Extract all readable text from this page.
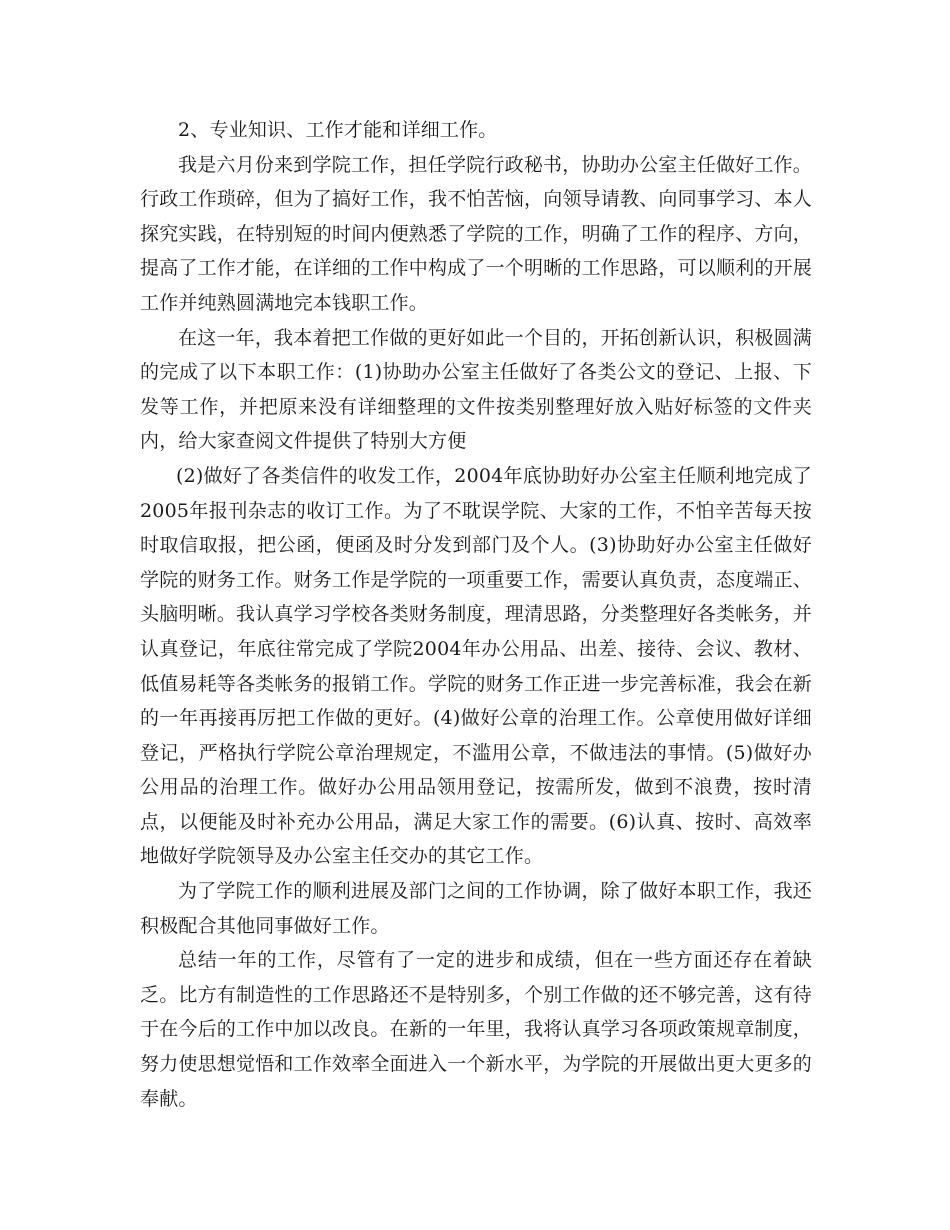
2、专业知识、工作才能和详细工作。

我是六月份来到学院工作，担任学院行政秘书，协助办公室主任做好工作。行政工作琐碎，但为了搞好工作，我不怕苦恼，向领导请教、向同事学习、本人探究实践，在特别短的时间内便熟悉了学院的工作，明确了工作的程序、方向，提高了工作才能，在详细的工作中构成了一个明晰的工作思路，可以顺利的开展工作并纯熟圆满地完本钱职工作。

在这一年，我本着把工作做的更好如此一个目的，开拓创新认识，积极圆满的完成了以下本职工作：(1)协助办公室主任做好了各类公文的登记、上报、下发等工作，并把原来没有详细整理的文件按类别整理好放入贴好标签的文件夹内，给大家查阅文件提供了特别大方便

(2)做好了各类信件的收发工作，2004年底协助好办公室主任顺利地完成了2005年报刊杂志的收订工作。为了不耽误学院、大家的工作，不怕辛苦每天按时取信取报，把公函，便函及时分发到部门及个人。(3)协助好办公室主任做好学院的财务工作。财务工作是学院的一项重要工作，需要认真负责，态度端正、头脑明晰。我认真学习学校各类财务制度，理清思路，分类整理好各类帐务，并认真登记，年底往常完成了学院2004年办公用品、出差、接待、会议、教材、低值易耗等各类帐务的报销工作。学院的财务工作正进一步完善标准，我会在新的一年再接再厉把工作做的更好。(4)做好公章的治理工作。公章使用做好详细登记，严格执行学院公章治理规定，不滥用公章，不做违法的事情。(5)做好办公用品的治理工作。做好办公用品领用登记，按需所发，做到不浪费，按时清点，以便能及时补充办公用品，满足大家工作的需要。(6)认真、按时、高效率地做好学院领导及办公室主任交办的其它工作。

为了学院工作的顺利进展及部门之间的工作协调，除了做好本职工作，我还积极配合其他同事做好工作。

总结一年的工作，尽管有了一定的进步和成绩，但在一些方面还存在着缺乏。比方有制造性的工作思路还不是特别多，个别工作做的还不够完善，这有待于在今后的工作中加以改良。在新的一年里，我将认真学习各项政策规章制度，努力使思想觉悟和工作效率全面进入一个新水平，为学院的开展做出更大更多的奉献。
